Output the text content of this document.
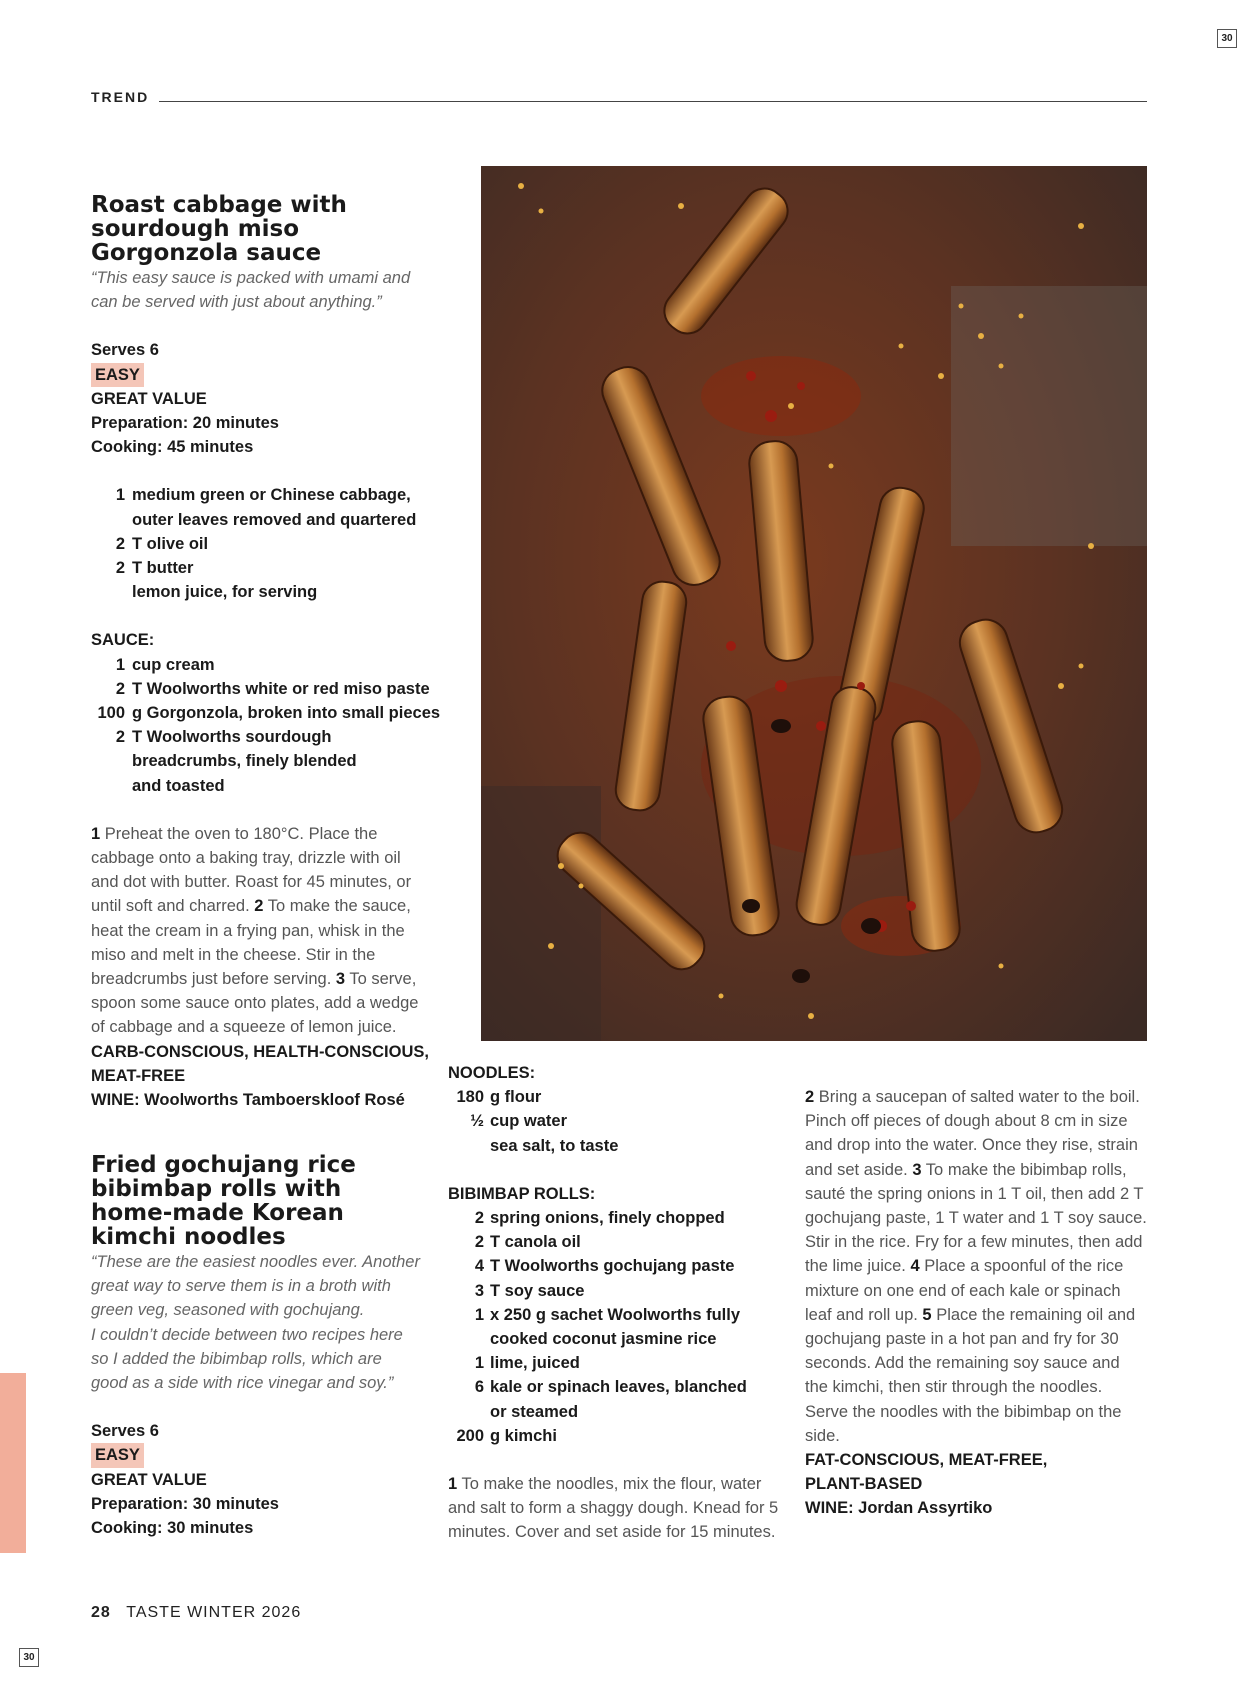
30
30
TREND
Roast cabbage with
sourdough miso
Gorgonzola sauce
“This easy sauce is packed with umami and
can be served with just about anything.”
Serves 6
EASY
GREAT VALUE
Preparation: 20 minutes
Cooking: 45 minutes
1 medium green or Chinese cabbage,
outer leaves removed and quartered
2 T olive oil
2 T butter
lemon juice, for serving
SAUCE:
1 cup cream
2 T Woolworths white or red miso paste
100 g Gorgonzola, broken into small pieces
2 T Woolworths sourdough
breadcrumbs, finely blended
and toasted

1 Preheat the oven to 180°C. Place the cabbage onto a baking tray, drizzle with oil and dot with butter. Roast for 45 minutes, or until soft and charred. 2 To make the sauce, heat the cream in a frying pan, whisk in the miso and melt in the cheese. Stir in the breadcrumbs just before serving. 3 To serve, spoon some sauce onto plates, add a wedge of cabbage and a squeeze of lemon juice.

CARB-CONSCIOUS, HEALTH-CONSCIOUS,
MEAT-FREE
WINE: Woolworths Tamboerskloof Rosé
Fried gochujang rice
bibimbap rolls with
home-made Korean
kimchi noodles
“These are the easiest noodles ever. Another
great way to serve them is in a broth with
green veg, seasoned with gochujang.
I couldn’t decide between two recipes here
so I added the bibimbap rolls, which are
good as a side with rice vinegar and soy.”
Serves 6
EASY
GREAT VALUE
Preparation: 30 minutes
Cooking: 30 minutes
NOODLES:
180 g flour
½ cup water
sea salt, to taste
BIBIMBAP ROLLS:
2 spring onions, finely chopped
2 T canola oil
4 T Woolworths gochujang paste
3 T soy sauce
1 x 250 g sachet Woolworths fully
cooked coconut jasmine rice
1 lime, juiced
6 kale or spinach leaves, blanched
or steamed
200 g kimchi

1 To make the noodles, mix the flour, water and salt to form a shaggy dough. Knead for 5 minutes. Cover and set aside for 15 minutes.

2 Bring a saucepan of salted water to the boil. Pinch off pieces of dough about 8 cm in size and drop into the water. Once they rise, strain and set aside. 3 To make the bibimbap rolls, sauté the spring onions in 1 T oil, then add 2 T gochujang paste, 1 T water and 1 T soy sauce. Stir in the rice. Fry for a few minutes, then add the lime juice. 4 Place a spoonful of the rice mixture on one end of each kale or spinach leaf and roll up. 5 Place the remaining oil and gochujang paste in a hot pan and fry for 30 seconds. Add the remaining soy sauce and the kimchi, then stir through the noodles. Serve the noodles with the bibimbap on the side.

FAT-CONSCIOUS, MEAT-FREE,
PLANT-BASED
WINE: Jordan Assyrtiko
28 TASTE WINTER 2026
